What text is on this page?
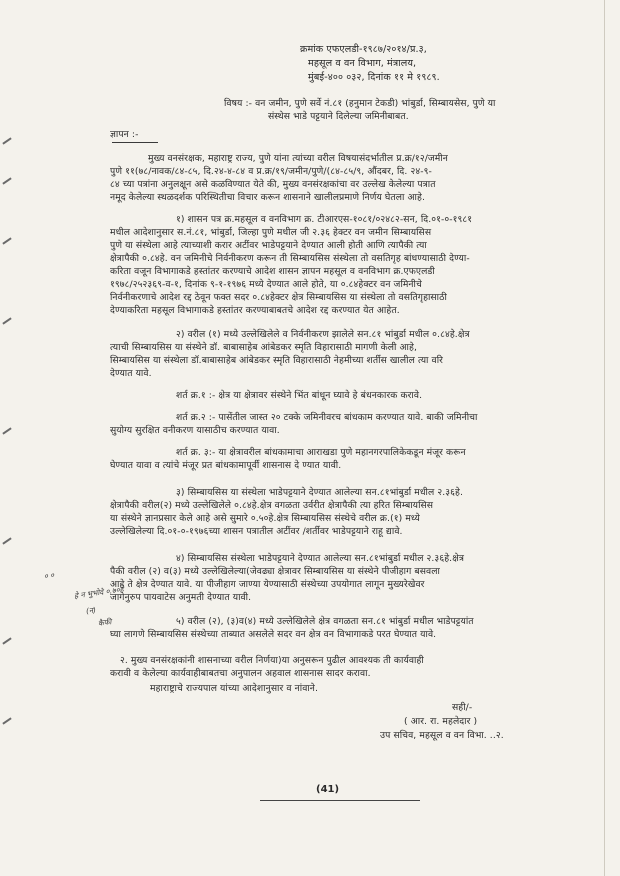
क्रमांक एफएलडी-१९८७/२०१४/प्र.३,
महसूल व वन विभाग, मंत्रालय,
मुंबई-४०० ०३२, दिनांक ११ मे १९८९.
विषय :- वन जमीन, पुणे सर्वे नं.८१ (हनुमान टेकडी) भांबुर्डा, सिम्बायसेस, पुणे या
संस्थेस भाडे पट्टयाने दिलेल्या जमिनीबाबत.
ज्ञापन :-
मुख्य वनसंरक्षक, महाराष्ट्र राज्य, पुणे यांना त्यांच्या वरील विषयासंदर्भातील प्र.क्र/१२/जमीन
पुणे ११(७८/नावक/८४-८५, दि.२४-४-८४ व प्र.क्र/१९/जमीन/पुणे/(८४-८५/९, औंदबर, दि. २४-९-
८४ च्या पत्रांना अनुलक्षून असे कळविण्यात येते की, मुख्य वनसंरक्षकांचा वर उल्लेख केलेल्या पत्रात
नमूद केलेल्या स्थळदर्शक परिस्थितीचा विचार करून शासनाने खालीलप्रमाणे निर्णय घेतला आहे.
१) शासन पत्र क्र.महसूल व वनविभाग क्र. टीआरएस-१०८१/०२४८२-सन, दि.०१-०-१९८१
मधील आदेशानुसार स.नं.८१, भांबुर्डा, जिल्हा पुणे मधील जी २.३६ हेक्टर वन जमीन सिम्बायसिस
पुणे या संस्थेला आहे त्याच्याशी करार अटींवर भाडेपट्टयाने देण्यात आली होती आणि त्यापैकी त्या
क्षेत्रापैकी ०.८४हे. वन जमिनीचे निर्वनीकरण करून ती सिम्बायसिस संस्थेला तो वसतिगृह बांधण्यासाठी देण्या-
करिता वजून विभागाकडे हस्तांतर करण्याचे आदेश शासन ज्ञापन महसूल व वनविभाग क्र.एफएलडी
१९७८/२५२३६९-व-१, दिनांक ९-१-१९७६ मध्ये देण्यात आले होते, या ०.८४हेक्टर वन जमिनीचे
निर्वनीकरणाचे आदेश रद्द ठेवून फक्त सदर ०.८४हेक्टर क्षेत्र सिम्बायसिस या संस्थेला तो वसतिगृहासाठी
देण्याकरिता महसूल विभागाकडे हस्तांतर करण्याबाबतचे आदेश रद्द करण्यात येत आहेत.
२) वरील (१) मध्ये उल्लेखिलेले व निर्वनीकरण झालेले सन.८१ भांबुर्डा मधील ०.८४हे.क्षेत्र
त्याची सिम्बायसिस या संस्थेने डॉ. बाबासाहेब आंबेडकर स्मृति विहारासाठी मागणी केली आहे,
सिम्बायसिस या संस्थेला डॉ.बाबासाहेब आंबेडकर स्मृति विहारासाठी नेहमीच्या शर्तीस खालील त्या वरि
देण्यात यावे.
शर्त क्र.१ :- क्षेत्र या क्षेत्रावर संस्थेने भिंत बांधून घ्यावे हे बंधनकारक करावे.
शर्त क्र.२ :- पासेंतील जास्त २० टक्के जमिनीवरच बांधकाम करण्यात यावे. बाकी जमिनीचा
सुयोग्य सुरक्षित वनीकरण यासाठीच करण्यात यावा.
शर्त क्र. ३:- या क्षेत्रावरील बांधकामाचा आराखडा पुणे महानगरपालिकेकडून मंजूर करून
घेण्यात यावा व त्यांचे मंजूर प्रत बांधकामापूर्वी शासनास दे ण्यात यावी.
३) सिम्बायसिस या संस्थेला भाडेपट्टयाने देण्यात आलेल्या सन.८१भांबुर्डा मधील २.३६हे.
क्षेत्रापैकी वरील(२) मध्ये उल्लेखिलेले ०.८४हे.क्षेत्र वगळता उर्वरीत क्षेत्रापैकी त्या हरित सिम्बायसिस
या संस्थेने ज्ञानप्रसार केले आहे असे सुमारे ०.५०हे.क्षेत्र सिम्बायसिस संस्थेचे वरील क्र.(१) मध्ये
उल्लेखिलेल्या दि.०१-०-१९७६च्या शासन पत्रातील अटींवर /शर्तीवर भाडेपट्टयाने राहू द्यावे.
४) सिम्बायसिस संस्थेला भाडेपट्टयाने देण्यात आलेल्या सन.८१भांबुर्डा मधील २.३६हे.क्षेत्र
पैकी वरील (२) व(३) मध्ये उल्लेखिलेल्या(जेवढ्या क्षेत्रावर सिम्बायसिस या संस्थेने पीजीहाग बसवला
आहे ते क्षेत्र देण्यात यावे. या पीजीहाग जाण्या येण्यासाठी संस्थेच्या उपयोगात लागून मुख्यरेखेवर
जागेनुरुप पायवाटेस अनुमती देण्यात यावी.
५) वरील (२), (३)व(४) मध्ये उल्लेखिलेले क्षेत्र वगळता सन.८१ भांबुर्डा मधील भाडेपट्टयांत
घ्या लागणे सिम्बायसिस संस्थेच्या ताब्यात असलेले सदर वन क्षेत्र वन विभागाकडे परत घेण्यात यावे.
२. मुख्य वनसंरक्षकांनी शासनाच्या वरील निर्णया)या अनुसरून पुढील आवश्यक ती कार्यवाही
करावी व केलेल्या कार्यवाहीबाबतचा अनुपालन अहवाल शासनास सादर करावा.
महाराष्ट्राचे राज्यपाल यांच्या आदेशानुसार व नांवाने.
सही/-
( आर. रा. महलेदार )
उप सचिव, महसूल व वन विभा. ..२.
हे न भुभोदे ०.७०हे
(न)
कैफी
० ०
(41)
